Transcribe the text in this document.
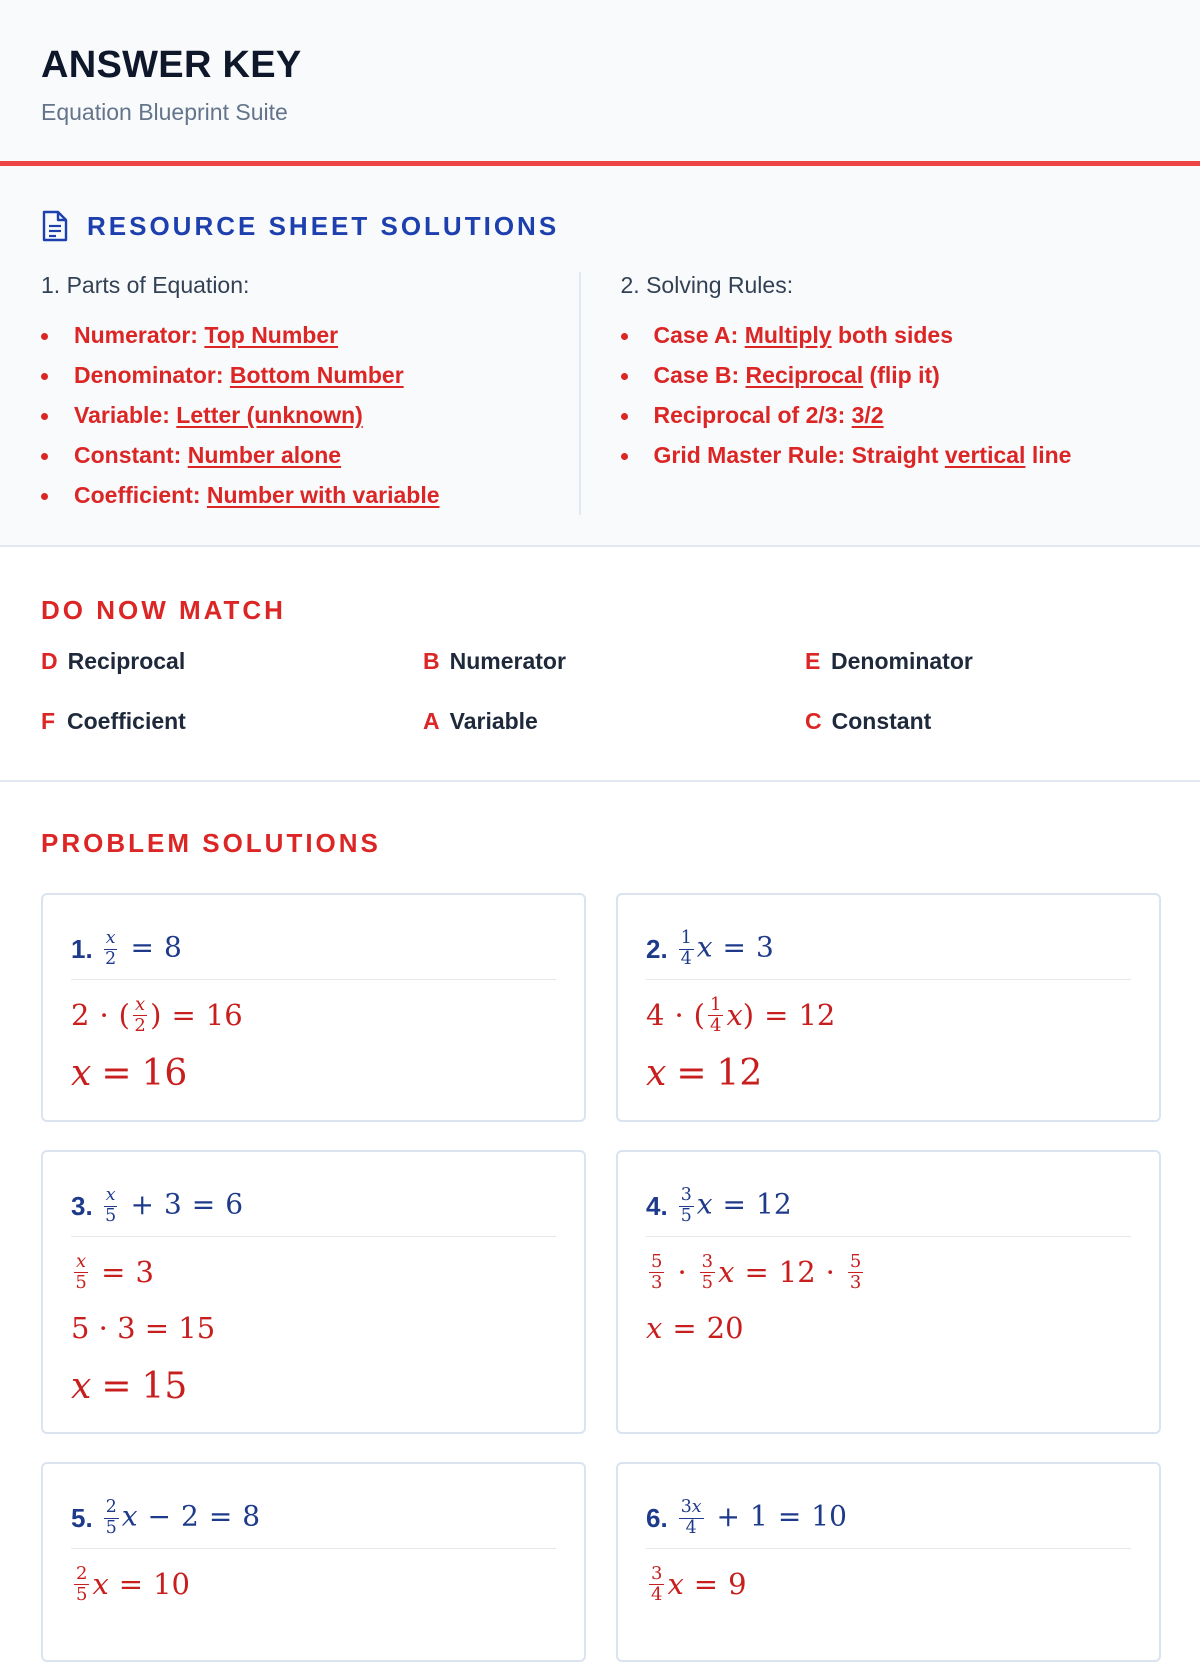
ANSWER KEY
Equation Blueprint Suite
RESOURCE SHEET SOLUTIONS
1. Parts of Equation:
Numerator: Top Number
Denominator: Bottom Number
Variable: Letter (unknown)
Constant: Number alone
Coefficient: Number with variable
2. Solving Rules:
Case A: Multiply both sides
Case B: Reciprocal (flip it)
Reciprocal of 2/3: 3/2
Grid Master Rule: Straight vertical line
DO NOW MATCH
D Reciprocal	B Numerator	E Denominator
F Coefficient	A Variable	C Constant
PROBLEM SOLUTIONS
1. $\frac{x}{2} = 8$
2 · ( $\frac{x}{2}$ ) = 16
x = 16
2. $\frac{1}{4}$ x = 3
4 · ( $\frac{1}{4}$ x ) = 12
x = 12
3. $\frac{x}{5} + 3 = 6$
$\frac{x}{5} = 3$
5 · 3 = 15
x = 15
4. $\frac{3}{5}$ x = 12
$\frac{5}{3} \cdot \frac{3}{5}$ $x = 12 \cdot \frac{5}{3}$
x = 20
5. $\frac{2}{5}$ x − 2 = 8
$\frac{2}{5}$ x = 10
6. $\frac{3x}{4} + 1 = 10$
$\frac{3}{4}$ x = 9
